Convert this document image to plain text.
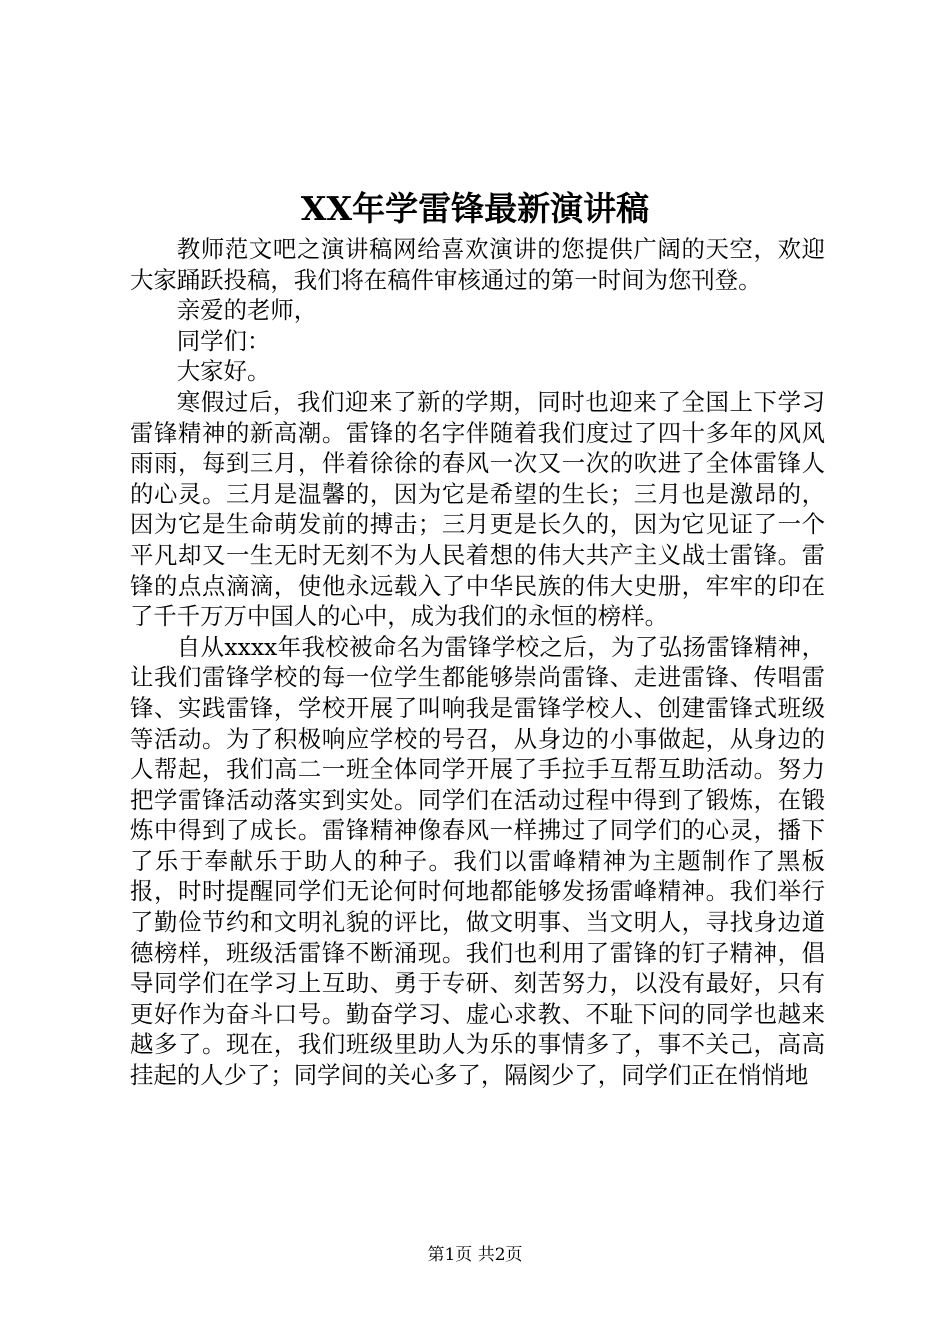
XX年学雷锋最新演讲稿

教师范文吧之演讲稿网给喜欢演讲的您提供广阔的天空，欢迎大家踊跃投稿，我们将在稿件审核通过的第一时间为您刊登。

亲爱的老师，

同学们：

大家好。

寒假过后，我们迎来了新的学期，同时也迎来了全国上下学习雷锋精神的新高潮。雷锋的名字伴随着我们度过了四十多年的风风雨雨，每到三月，伴着徐徐的春风一次又一次的吹进了全体雷锋人的心灵。三月是温馨的，因为它是希望的生长；三月也是激昂的，因为它是生命萌发前的搏击；三月更是长久的，因为它见证了一个平凡却又一生无时无刻不为人民着想的伟大共产主义战士雷锋。雷锋的点点滴滴，使他永远载入了中华民族的伟大史册，牢牢的印在了千千万万中国人的心中，成为我们的永恒的榜样。

自从xxxx年我校被命名为雷锋学校之后，为了弘扬雷锋精神，让我们雷锋学校的每一位学生都能够崇尚雷锋、走进雷锋、传唱雷锋、实践雷锋，学校开展了叫响我是雷锋学校人、创建雷锋式班级等活动。为了积极响应学校的号召，从身边的小事做起，从身边的人帮起，我们高二一班全体同学开展了手拉手互帮互助活动。努力把学雷锋活动落实到实处。同学们在活动过程中得到了锻炼，在锻炼中得到了成长。雷锋精神像春风一样拂过了同学们的心灵，播下了乐于奉献乐于助人的种子。我们以雷峰精神为主题制作了黑板报，时时提醒同学们无论何时何地都能够发扬雷峰精神。我们举行了勤俭节约和文明礼貌的评比，做文明事、当文明人，寻找身边道德榜样，班级活雷锋不断涌现。我们也利用了雷锋的钉子精神，倡导同学们在学习上互助、勇于专研、刻苦努力，以没有最好，只有更好作为奋斗口号。勤奋学习、虚心求教、不耻下问的同学也越来越多了。现在，我们班级里助人为乐的事情多了，事不关己，高高挂起的人少了；同学间的关心多了，隔阂少了，同学们正在悄悄地

第1页 共2页
